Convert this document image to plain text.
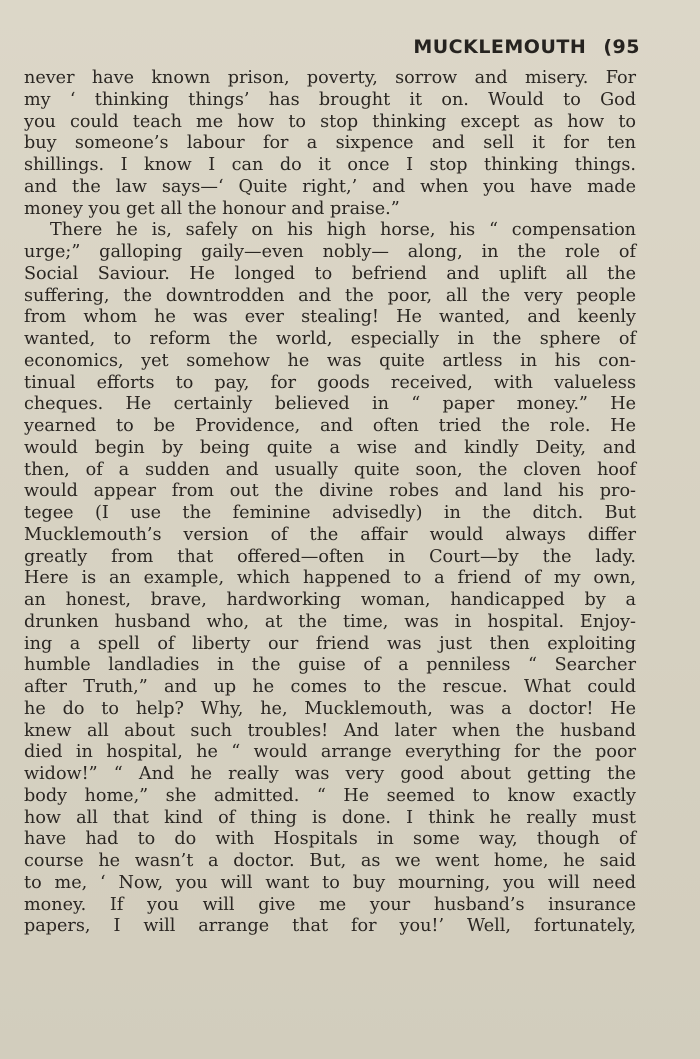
MUCKLEMOUTH (95
never have known prison, poverty, sorrow and misery. For
my ‘ thinking things’ has brought it on. Would to God
you could teach me how to stop thinking except as how to
buy someone’s labour for a sixpence and sell it for ten
shillings. I know I can do it once I stop thinking things.
and the law says—‘ Quite right,’ and when you have made
money you get all the honour and praise.”
There he is, safely on his high horse, his “ compensation
urge;” galloping gaily—even nobly— along, in the role of
Social Saviour. He longed to befriend and uplift all the
suffering, the downtrodden and the poor, all the very people
from whom he was ever stealing! He wanted, and keenly
wanted, to reform the world, especially in the sphere of
economics, yet somehow he was quite artless in his con-
tinual efforts to pay, for goods received, with valueless
cheques. He certainly believed in “ paper money.” He
yearned to be Providence, and often tried the role. He
would begin by being quite a wise and kindly Deity, and
then, of a sudden and usually quite soon, the cloven hoof
would appear from out the divine robes and land his pro-
tegee (I use the feminine advisedly) in the ditch. But
Mucklemouth’s version of the affair would always differ
greatly from that offered—often in Court—by the lady.
Here is an example, which happened to a friend of my own,
an honest, brave, hardworking woman, handicapped by a
drunken husband who, at the time, was in hospital. Enjoy-
ing a spell of liberty our friend was just then exploiting
humble landladies in the guise of a penniless “ Searcher
after Truth,” and up he comes to the rescue. What could
he do to help? Why, he, Mucklemouth, was a doctor! He
knew all about such troubles! And later when the husband
died in hospital, he “ would arrange everything for the poor
widow!” “ And he really was very good about getting the
body home,” she admitted. “ He seemed to know exactly
how all that kind of thing is done. I think he really must
have had to do with Hospitals in some way, though of
course he wasn’t a doctor. But, as we went home, he said
to me, ‘ Now, you will want to buy mourning, you will need
money. If you will give me your husband’s insurance
papers, I will arrange that for you!’ Well, fortunately,
